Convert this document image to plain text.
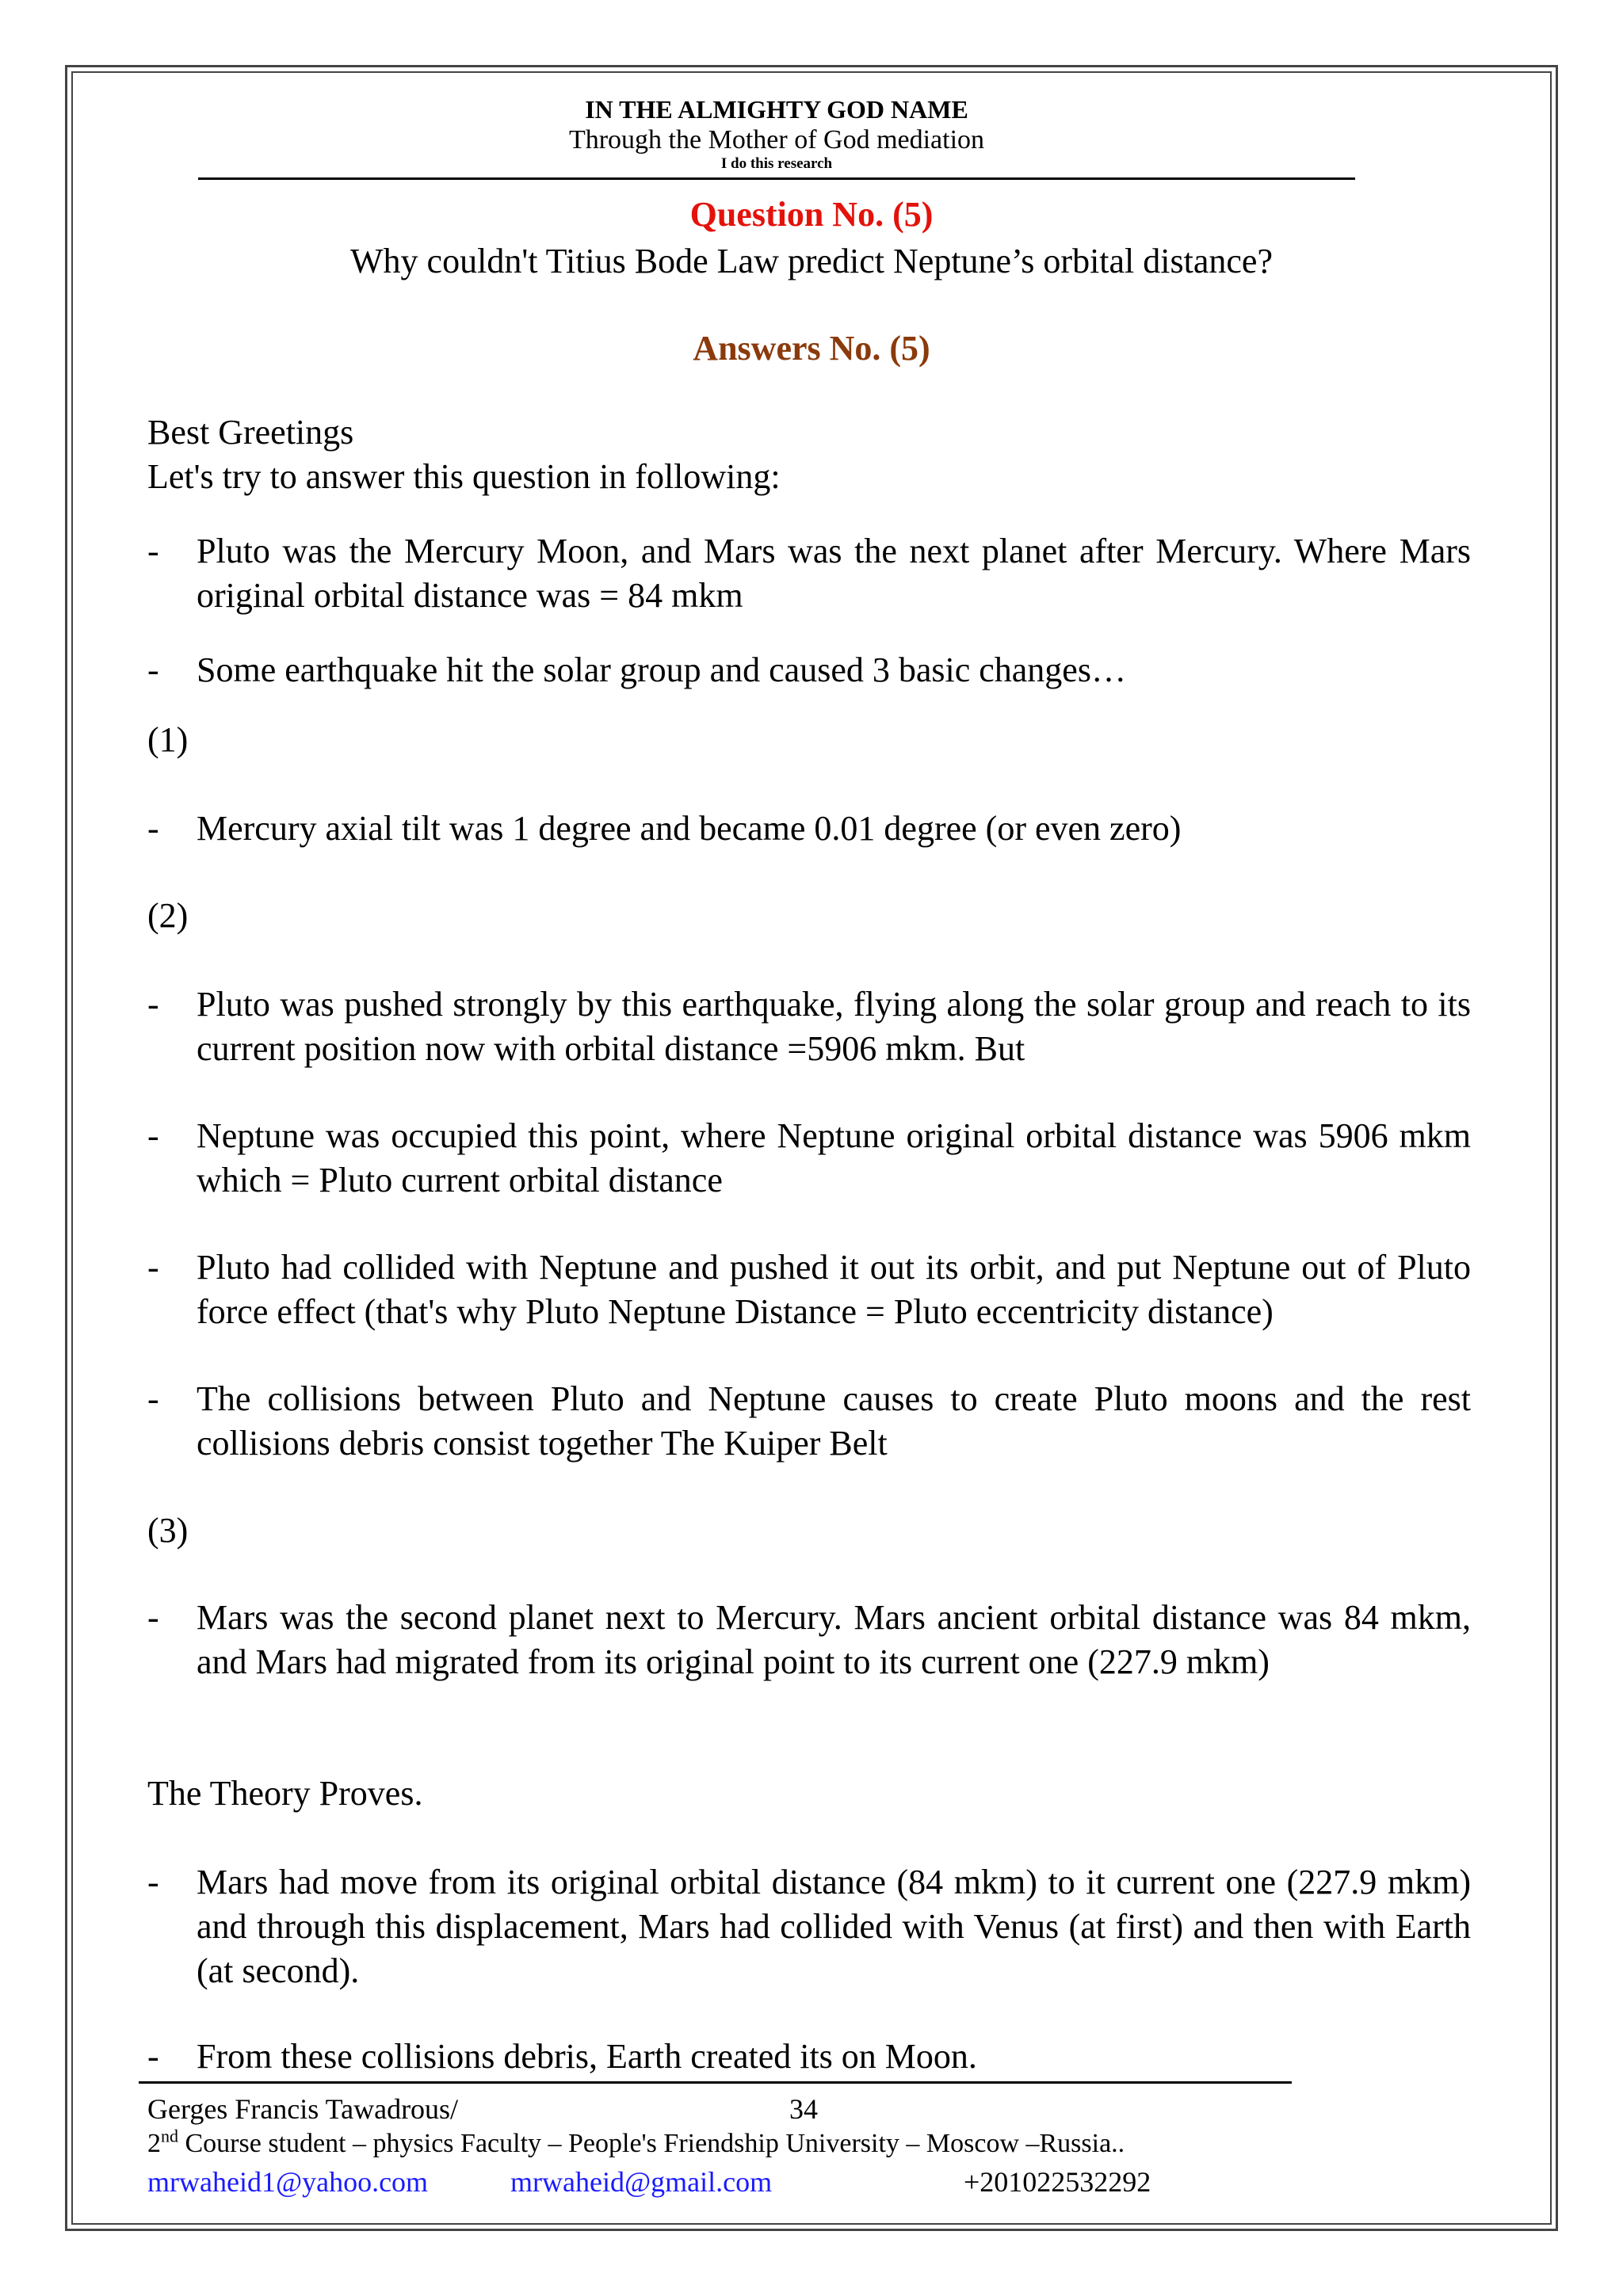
IN THE ALMIGHTY GOD NAME
Through the Mother of God mediation
I do this research
Question No. (5)
Why couldn't Titius Bode Law predict Neptune’s orbital distance?
Answers No. (5)
Best Greetings
Let's try to answer this question in following:
- Pluto was the Mercury Moon, and Mars was the next planet after Mercury. Where Mars original orbital distance was = 84 mkm
- Some earthquake hit the solar group and caused 3 basic changes…
(1)
- Mercury axial tilt was 1 degree and became 0.01 degree (or even zero)
(2)
- Pluto was pushed strongly by this earthquake, flying along the solar group and reach to its current position now with orbital distance =5906 mkm. But
- Neptune was occupied this point, where Neptune original orbital distance was 5906 mkm which = Pluto current orbital distance
- Pluto had collided with Neptune and pushed it out its orbit, and put Neptune out of Pluto force effect (that's why Pluto Neptune Distance = Pluto eccentricity distance)
- The collisions between Pluto and Neptune causes to create Pluto moons and the rest collisions debris consist together The Kuiper Belt
(3)
- Mars was the second planet next to Mercury. Mars ancient orbital distance was 84 mkm, and Mars had migrated from its original point to its current one (227.9 mkm)
The Theory Proves.
- Mars had move from its original orbital distance (84 mkm) to it current one (227.9 mkm) and through this displacement, Mars had collided with Venus (at first) and then with Earth (at second).
- From these collisions debris, Earth created its on Moon.
Gerges Francis Tawadrous/	34
2nd Course student – physics Faculty – People's Friendship University – Moscow –Russia..
mrwaheid1@yahoo.com	mrwaheid@gmail.com	+201022532292
